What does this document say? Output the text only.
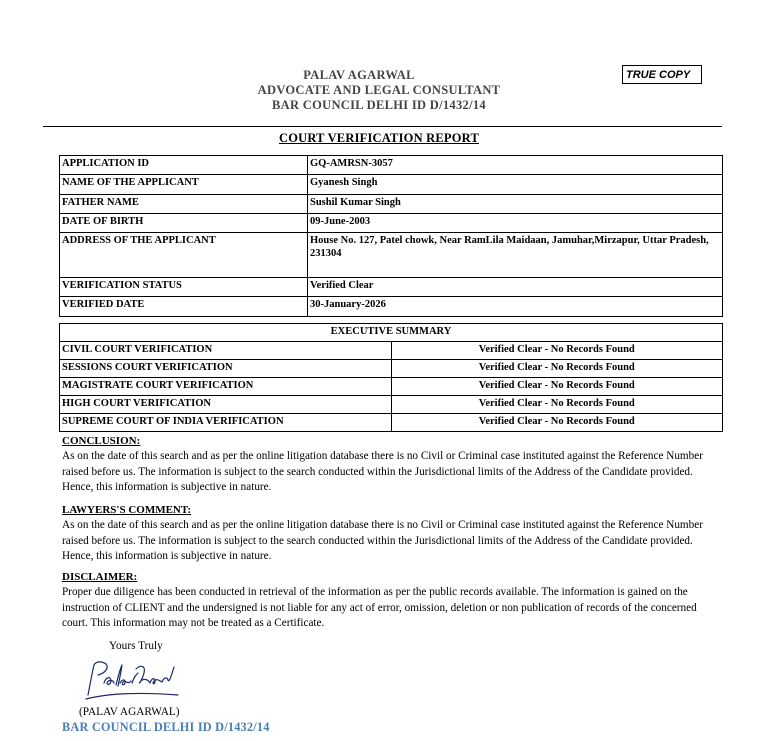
PALAV AGARWAL
ADVOCATE AND LEGAL CONSULTANT
BAR COUNCIL DELHI ID D/1432/14
TRUE COPY
COURT VERIFICATION REPORT
APPLICATION ID	GQ-AMRSN-3057
NAME OF THE APPLICANT	Gyanesh Singh
FATHER NAME	Sushil Kumar Singh
DATE OF BIRTH	09-June-2003
ADDRESS OF THE APPLICANT	House No. 127, Patel chowk, Near RamLila Maidaan, Jamuhar,Mirzapur, Uttar Pradesh, 231304
VERIFICATION STATUS	Verified Clear
VERIFIED DATE	30-January-2026
EXECUTIVE SUMMARY	
CIVIL COURT VERIFICATION	Verified Clear - No Records Found
SESSIONS COURT VERIFICATION	Verified Clear - No Records Found
MAGISTRATE COURT VERIFICATION	Verified Clear - No Records Found
HIGH COURT VERIFICATION	Verified Clear - No Records Found
SUPREME COURT OF INDIA VERIFICATION	Verified Clear - No Records Found
CONCLUSION:
As on the date of this search and as per the online litigation database there is no Civil or Criminal case instituted against the Reference Number raised before us. The information is subject to the search conducted within the Jurisdictional limits of the Address of the Candidate provided. Hence, this information is subjective in nature.
LAWYERS'S COMMENT:
As on the date of this search and as per the online litigation database there is no Civil or Criminal case instituted against the Reference Number raised before us. The information is subject to the search conducted within the Jurisdictional limits of the Address of the Candidate provided. Hence, this information is subjective in nature.
DISCLAIMER:
Proper due diligence has been conducted in retrieval of the information as per the public records available. The information is gained on the instruction of CLIENT and the undersigned is not liable for any act of error, omission, deletion or non publication of records of the concerned court. This information may not be treated as a Certificate.
Yours Truly
(PALAV AGARWAL)
BAR COUNCIL DELHI ID D/1432/14
